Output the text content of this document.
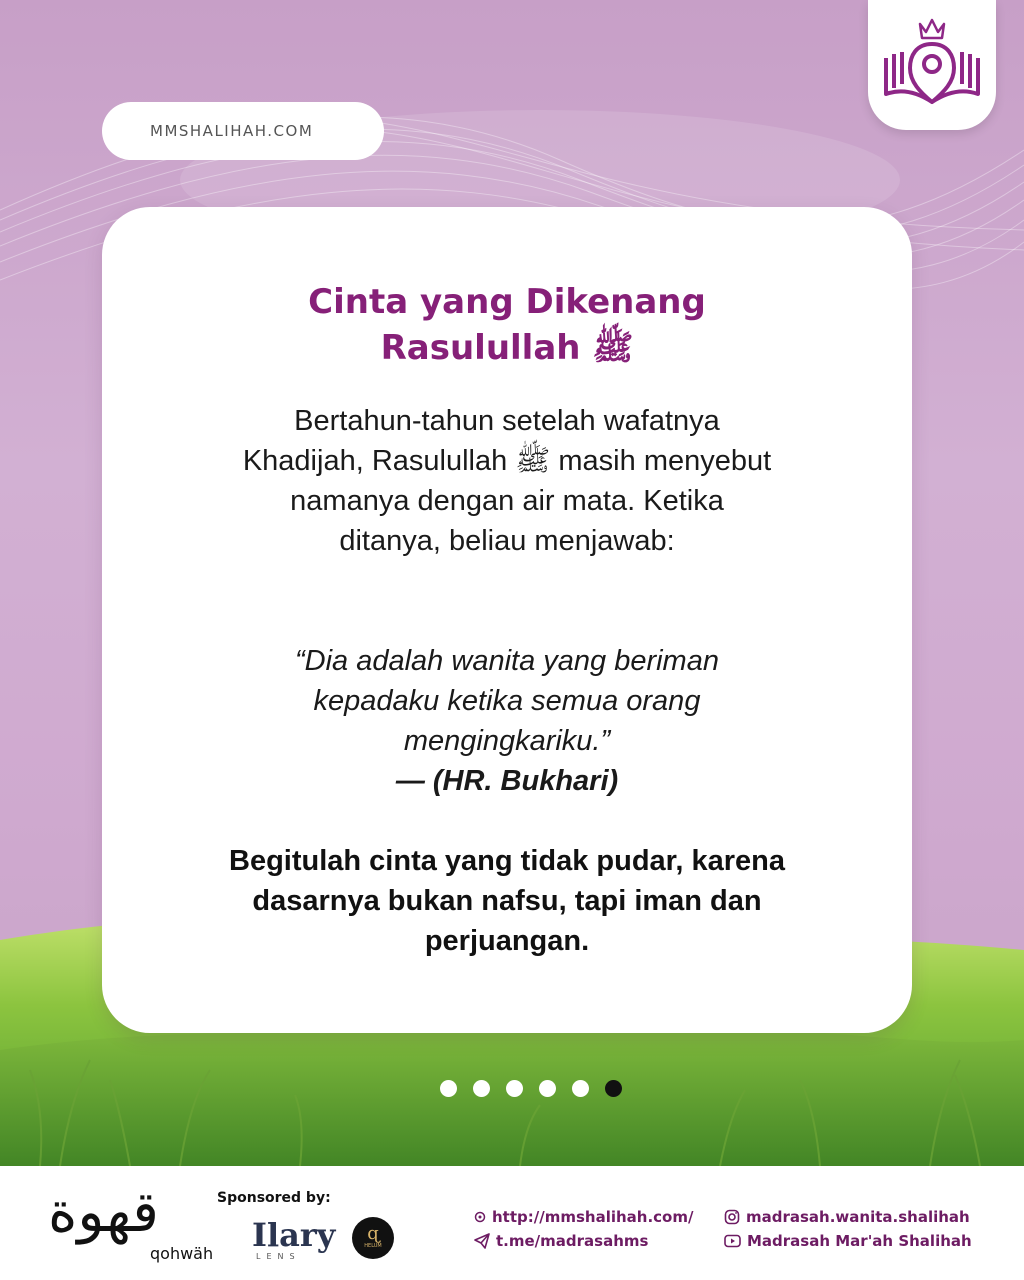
MMSHALIHAH.COM
Cinta yang Dikenang
Rasulullah ﷺ
Bertahun-tahun setelah wafatnya Khadijah, Rasulullah ﷺ masih menyebut namanya dengan air mata. Ketika ditanya, beliau menjawab:
“Dia adalah wanita yang beriman kepadaku ketika semua orang mengingkariku.”
— (HR. Bukhari)
Begitulah cinta yang tidak pudar, karena dasarnya bukan nafsu, tapi iman dan perjuangan.
قهوة
qohwäh
Sponsored by:
Ilary
LENS
ɋ
HELUM
http://mmshalihah.com/
t.me/madrasahms
madrasah.wanita.shalihah
Madrasah Mar'ah Shalihah
